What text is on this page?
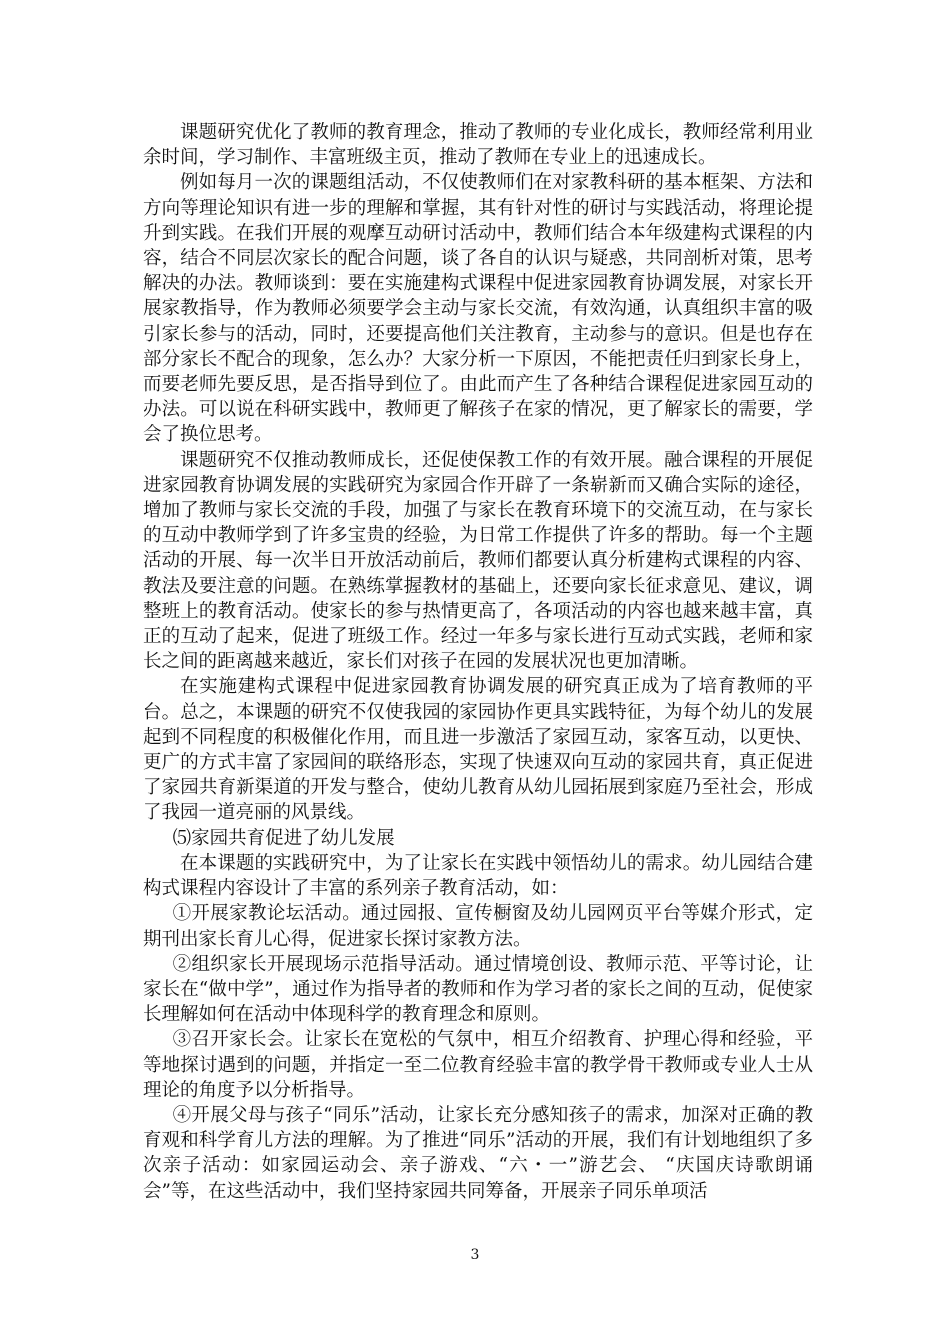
课题研究优化了教师的教育理念，推动了教师的专业化成长，教师经常利用业余时间，学习制作、丰富班级主页，推动了教师在专业上的迅速成长。

例如每月一次的课题组活动，不仅使教师们在对家教科研的基本框架、方法和方向等理论知识有进一步的理解和掌握，其有针对性的研讨与实践活动，将理论提升到实践。在我们开展的观摩互动研讨活动中，教师们结合本年级建构式课程的内容，结合不同层次家长的配合问题，谈了各自的认识与疑惑，共同剖析对策，思考解决的办法。教师谈到：要在实施建构式课程中促进家园教育协调发展，对家长开展家教指导，作为教师必须要学会主动与家长交流，有效沟通，认真组织丰富的吸引家长参与的活动，同时，还要提高他们关注教育，主动参与的意识。但是也存在部分家长不配合的现象，怎么办？大家分析一下原因，不能把责任归到家长身上，而要老师先要反思，是否指导到位了。由此而产生了各种结合课程促进家园互动的办法。可以说在科研实践中，教师更了解孩子在家的情况，更了解家长的需要，学会了换位思考。

课题研究不仅推动教师成长，还促使保教工作的有效开展。融合课程的开展促进家园教育协调发展的实践研究为家园合作开辟了一条崭新而又确合实际的途径，增加了教师与家长交流的手段，加强了与家长在教育环境下的交流互动，在与家长的互动中教师学到了许多宝贵的经验，为日常工作提供了许多的帮助。每一个主题活动的开展、每一次半日开放活动前后，教师们都要认真分析建构式课程的内容、教法及要注意的问题。在熟练掌握教材的基础上，还要向家长征求意见、建议，调整班上的教育活动。使家长的参与热情更高了，各项活动的内容也越来越丰富，真正的互动了起来，促进了班级工作。经过一年多与家长进行互动式实践，老师和家长之间的距离越来越近，家长们对孩子在园的发展状况也更加清晰。

在实施建构式课程中促进家园教育协调发展的研究真正成为了培育教师的平台。总之，本课题的研究不仅使我园的家园协作更具实践特征，为每个幼儿的发展起到不同程度的积极催化作用，而且进一步激活了家园互动，家客互动，以更快、更广的方式丰富了家园间的联络形态，实现了快速双向互动的家园共育，真正促进了家园共育新渠道的开发与整合，使幼儿教育从幼儿园拓展到家庭乃至社会，形成了我园一道亮丽的风景线。

⑸家园共育促进了幼儿发展

在本课题的实践研究中，为了让家长在实践中领悟幼儿的需求。幼儿园结合建构式课程内容设计了丰富的系列亲子教育活动，如：

①开展家教论坛活动。通过园报、宣传橱窗及幼儿园网页平台等媒介形式，定期刊出家长育儿心得，促进家长探讨家教方法。

②组织家长开展现场示范指导活动。通过情境创设、教师示范、平等讨论，让家长在“做中学”，通过作为指导者的教师和作为学习者的家长之间的互动，促使家长理解如何在活动中体现科学的教育理念和原则。

③召开家长会。让家长在宽松的气氛中，相互介绍教育、护理心得和经验，平等地探讨遇到的问题，并指定一至二位教育经验丰富的教学骨干教师或专业人士从理论的角度予以分析指导。

④开展父母与孩子“同乐”活动，让家长充分感知孩子的需求，加深对正确的教育观和科学育儿方法的理解。为了推进“同乐”活动的开展，我们有计划地组织了多次亲子活动：如家园运动会、亲子游戏、“六・一”游艺会、 “庆国庆诗歌朗诵会”等，在这些活动中，我们坚持家园共同筹备，开展亲子同乐单项活

3
